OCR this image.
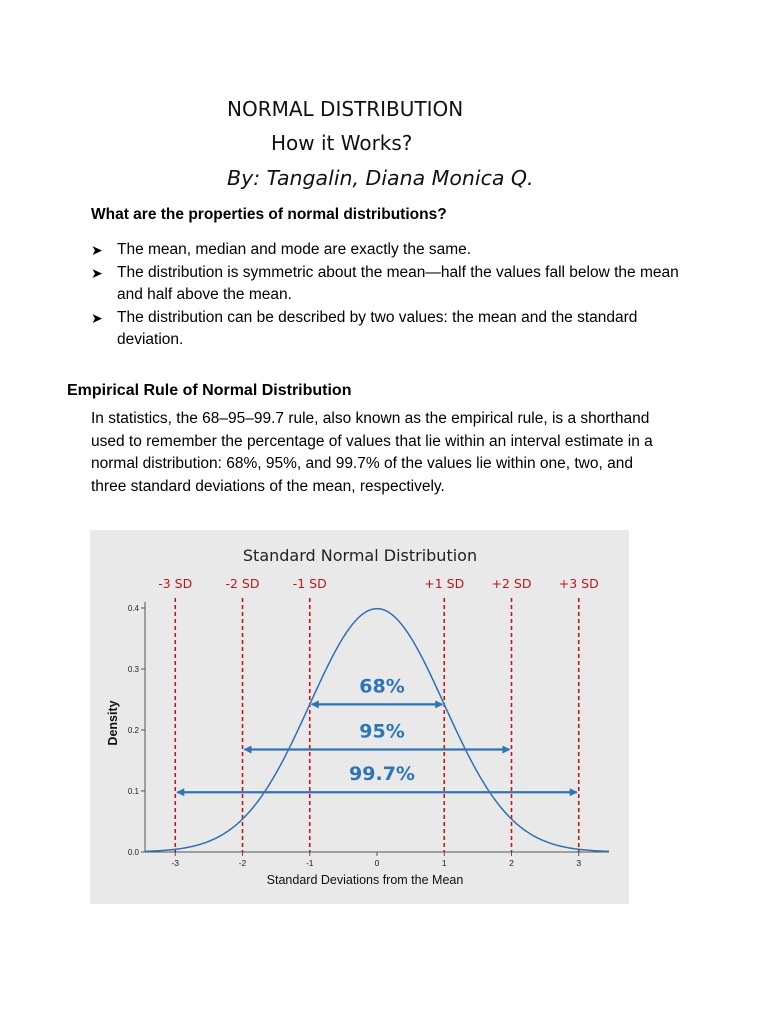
NORMAL DISTRIBUTION
How it Works?
By: Tangalin, Diana Monica Q.
What are the properties of normal distributions?
➤ The mean, median and mode are exactly the same.
➤ The distribution is symmetric about the mean—half the values fall below the mean and half above the mean.
➤ The distribution can be described by two values: the mean and the standard deviation.
Empirical Rule of Normal Distribution
In statistics, the 68–95–99.7 rule, also known as the empirical rule, is a shorthand used to remember the percentage of values that lie within an interval estimate in a normal distribution: 68%, 95%, and 99.7% of the values lie within one, two, and three standard deviations of the mean, respectively.
0.0
0.1
0.2
0.3
0.4
-3	-2	-1	0	1	2	3
-3 SD	-2 SD	-1 SD	+1 SD +2 SD +3 SD
68%
95%
99.7%
Standard Normal Distribution
Standard Deviations from the Mean
Density
